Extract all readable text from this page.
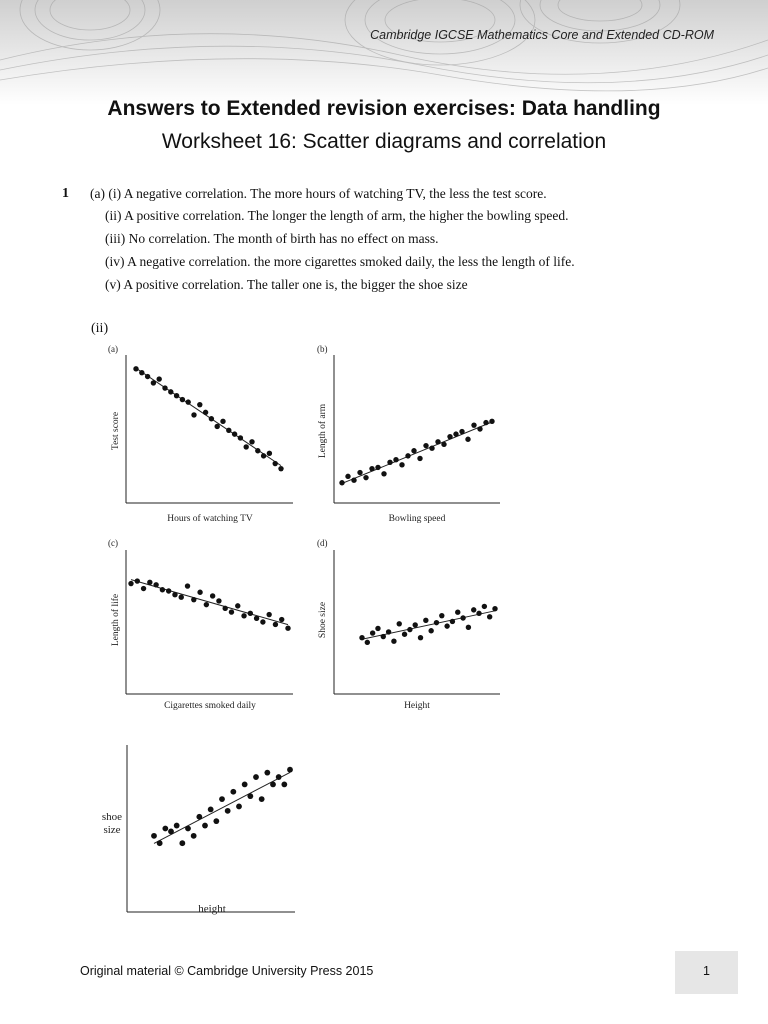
Cambridge IGCSE Mathematics Core and Extended CD-ROM
Answers to Extended revision exercises: Data handling
Worksheet 16: Scatter diagrams and correlation
1 (a) (i) A negative correlation. The more hours of watching TV, the less the test score.
(ii) A positive correlation. The longer the length of arm, the higher the bowling speed.
(iii) No correlation. The month of birth has no effect on mass.
(iv) A negative correlation. the more cigarettes smoked daily, the less the length of life.
(v) A positive correlation. The taller one is, the bigger the shoe size
(ii)
(a)
Hours of watching TV
Test score
(b)
Bowling speed
Length of arm
(c)
Cigarettes smoked daily
Length of life
(d)
Height
Shoe size
height
shoe
size
Original material © Cambridge University Press 2015	1
